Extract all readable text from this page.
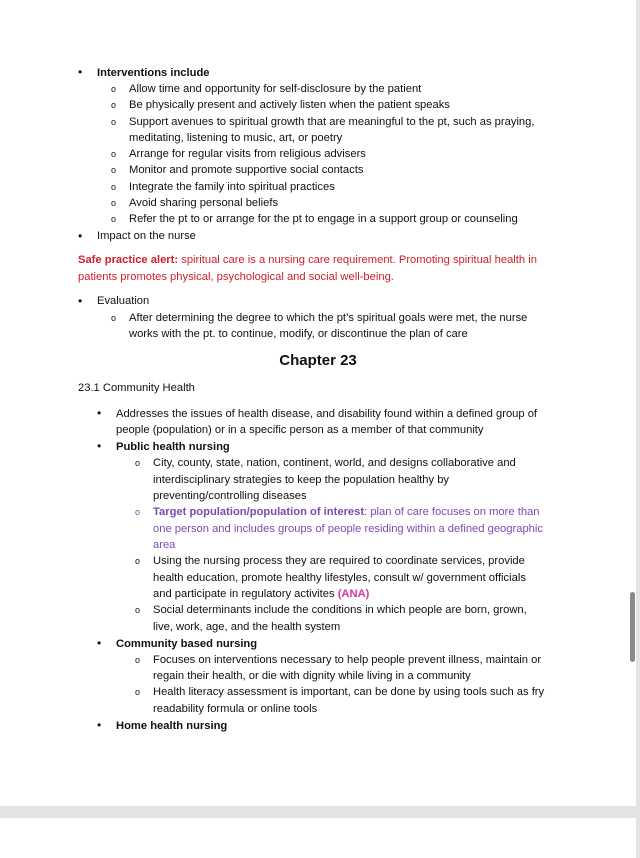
• Interventions include
o Allow time and opportunity for self-disclosure by the patient
o Be physically present and actively listen when the patient speaks
o Support avenues to spiritual growth that are meaningful to the pt, such as praying,
meditating, listening to music, art, or poetry
o Arrange for regular visits from religious advisers
o Monitor and promote supportive social contacts
o Integrate the family into spiritual practices
o Avoid sharing personal beliefs
o Refer the pt to or arrange for the pt to engage in a support group or counseling
• Impact on the nurse
Safe practice alert: spiritual care is a nursing care requirement. Promoting spiritual health in
patients promotes physical, psychological and social well-being.
• Evaluation
o After determining the degree to which the pt’s spiritual goals were met, the nurse
works with the pt. to continue, modify, or discontinue the plan of care
Chapter 23
23.1 Community Health
• Addresses the issues of health disease, and disability found within a defined group of
people (population) or in a specific person as a member of that community
• Public health nursing
o City, county, state, nation, continent, world, and designs collaborative and
interdisciplinary strategies to keep the population healthy by
preventing/controlling diseases
o Target population/population of interest: plan of care focuses on more than
one person and includes groups of people residing within a defined geographic
area
o Using the nursing process they are required to coordinate services, provide
health education, promote healthy lifestyles, consult w/ government officials
and participate in regulatory activites (ANA)
o Social determinants include the conditions in which people are born, grown,
live, work, age, and the health system
• Community based nursing
o Focuses on interventions necessary to help people prevent illness, maintain or
regain their health, or die with dignity while living in a community
o Health literacy assessment is important, can be done by using tools such as fry
readability formula or online tools
• Home health nursing
